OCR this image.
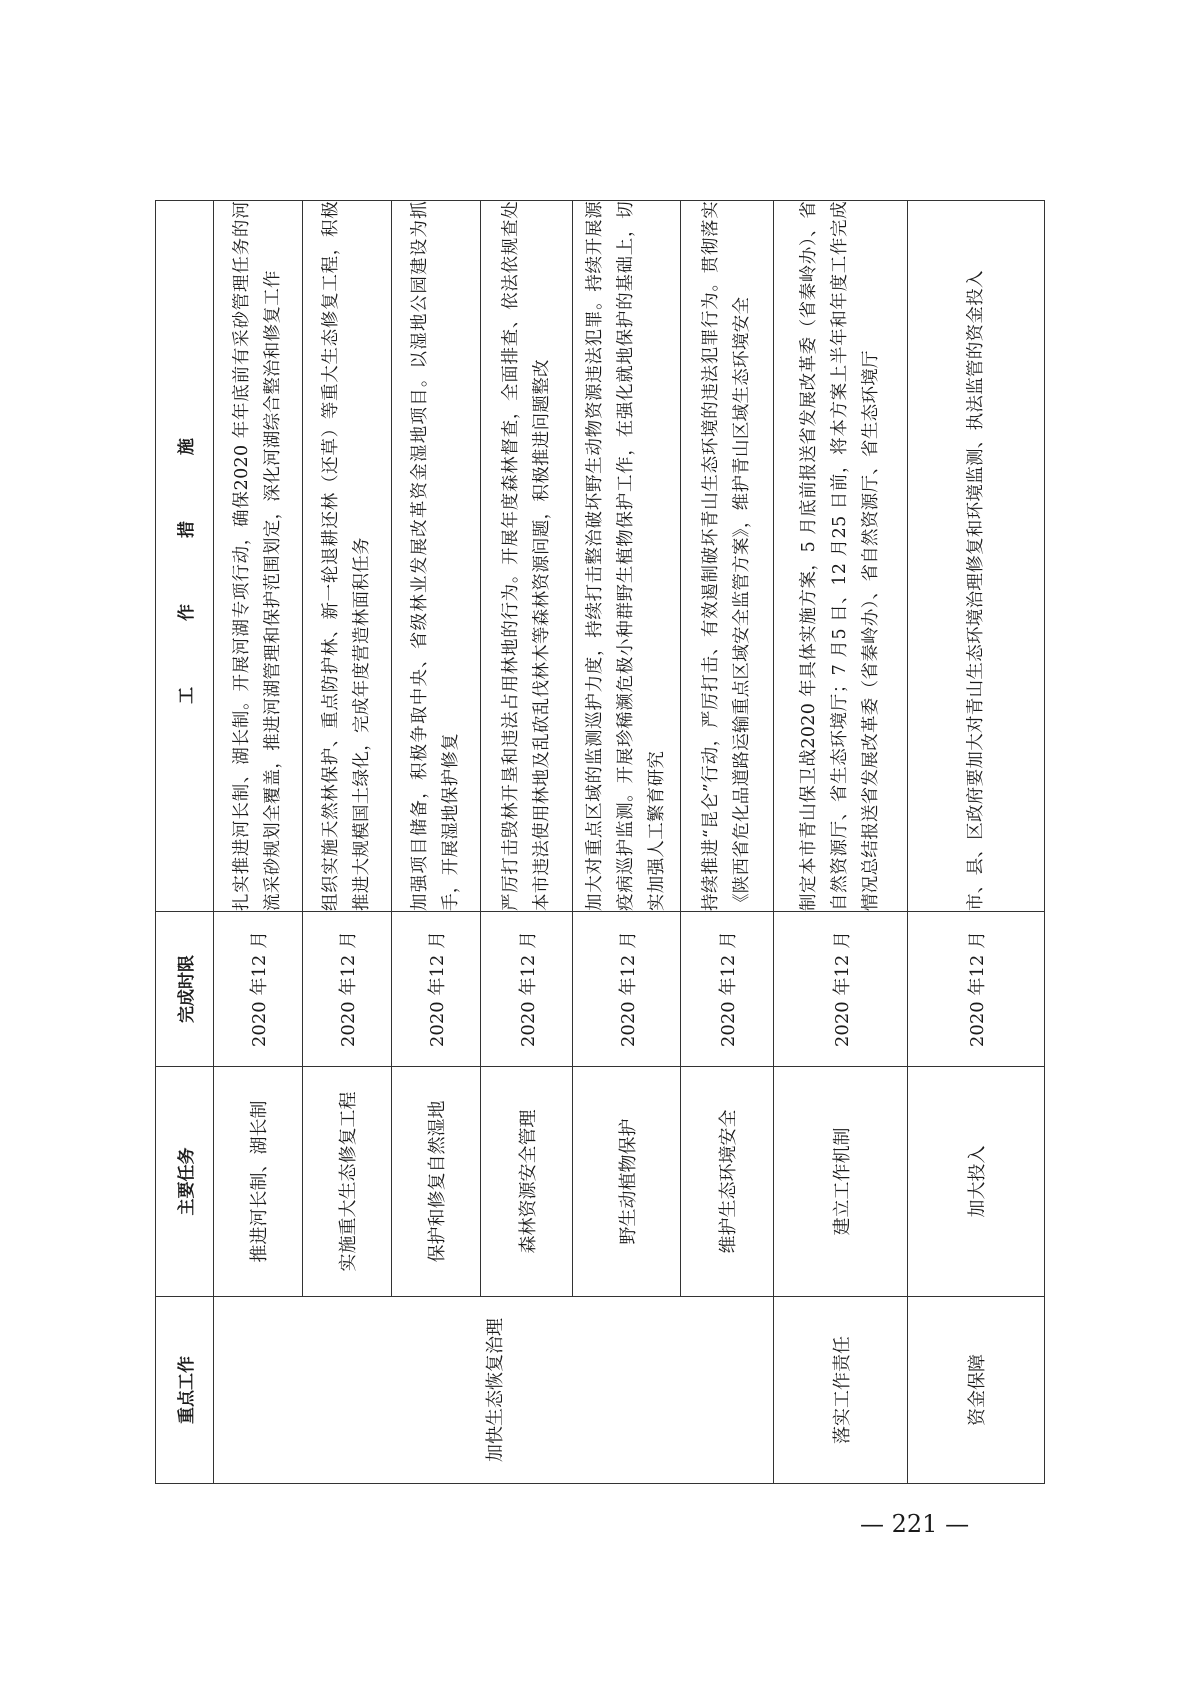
重点工作	主要任务	完成时限	工 作 措 施
加快生态恢复治理	推进河长制、湖长制	2020 年12 月	扎实推进河长制、湖长制。开展河湖专项行动，确保2020 年年底前有采砂管理任务的河流采砂规划全覆盖，推进河湖管理和保护范围划定，深化河湖综合整治和修复工作

	实施重大生态修复工程	2020 年12 月	组织实施天然林保护、重点防护林、新一轮退耕还林（还草）等重大生态修复工程，积极推进大规模国土绿化，完成年度营造林面积任务

	保护和修复自然湿地	2020 年12 月	加强项目储备，积极争取中央、省级林业发展改革资金湿地项目。以湿地公园建设为抓手，开展湿地保护修复

	森林资源安全管理	2020 年12 月	严厉打击毁林开垦和违法占用林地的行为。开展年度森林督查，全面排查、依法依规查处本市违法使用林地及乱砍乱伐林木等森林资源问题，积极推进问题整改

	野生动植物保护	2020 年12 月	加大对重点区域的监测巡护力度，持续打击整治破坏野生动物资源违法犯罪。持续开展源疫病巡护监测。开展珍稀濒危极小种群野生植物保护工作，在强化就地保护的基础上，切实加强人工繁育研究

	维护生态环境安全	2020 年12 月	持续推进“昆仑”行动，严厉打击、有效遏制破坏青山生态环境的违法犯罪行为。贯彻落实《陕西省危化品道路运输重点区域安全监管方案》，维护青山区域生态环境安全

落实工作责任	建立工作机制	2020 年12 月	制定本市青山保卫战2020 年具体实施方案，5 月底前报送省发展改革委（省秦岭办）、省自然资源厅、省生态环境厅；7 月5 日、12 月25 日前，将本方案上半年和年度工作完成情况总结报送省发展改革委（省秦岭办）、省自然资源厅、省生态环境厅

资金保障	加大投入	2020 年12 月	市、县、区政府要加大对青山生态环境治理修复和环境监测、执法监管的资金投入
— 221 —
